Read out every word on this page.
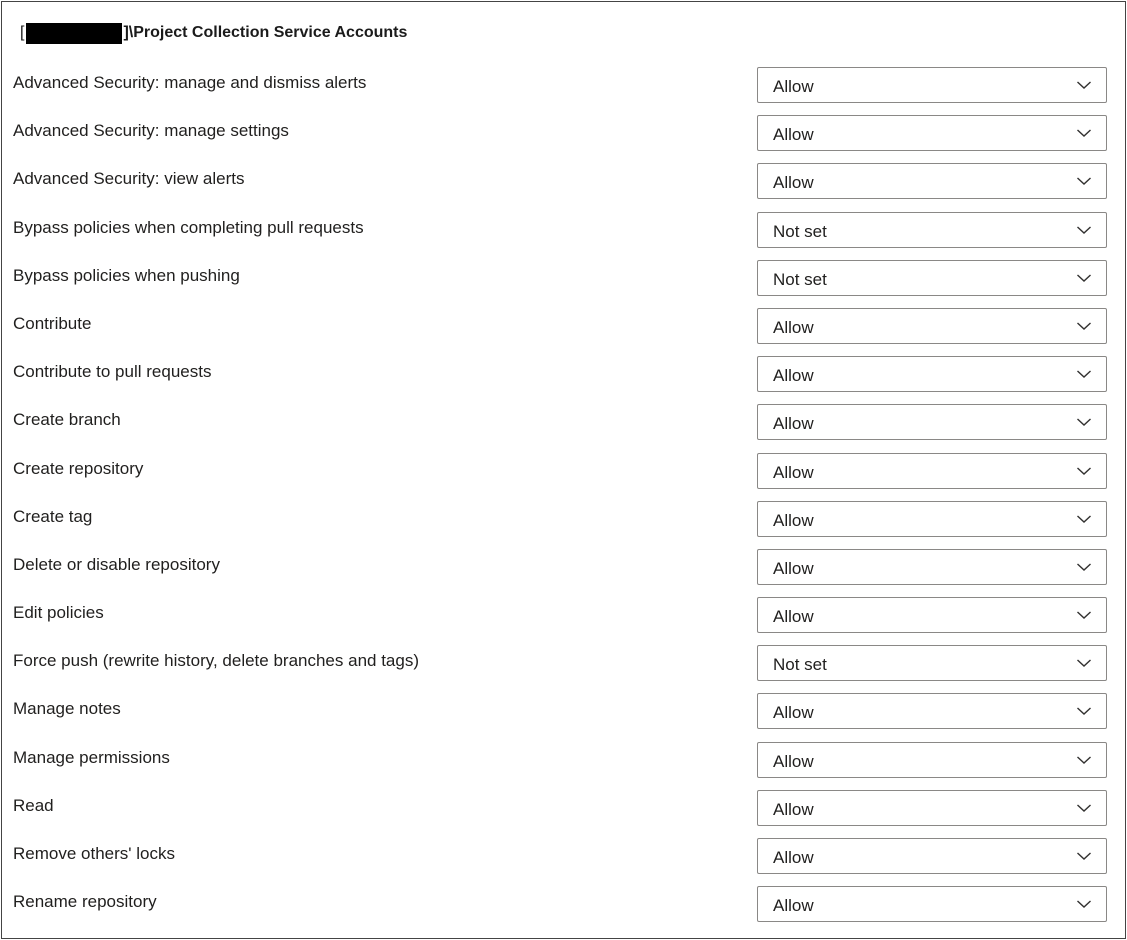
[	]\Project Collection Service Accounts
Advanced Security: manage and dismiss alerts	Allow
Advanced Security: manage settings	Allow
Advanced Security: view alerts	Allow
Bypass policies when completing pull requests	Not set
Bypass policies when pushing	Not set
Contribute	Allow
Contribute to pull requests	Allow
Create branch	Allow
Create repository	Allow
Create tag	Allow
Delete or disable repository	Allow
Edit policies	Allow
Force push (rewrite history, delete branches and tags)	Not set
Manage notes	Allow
Manage permissions	Allow
Read	Allow
Remove others' locks	Allow
Rename repository	Allow
